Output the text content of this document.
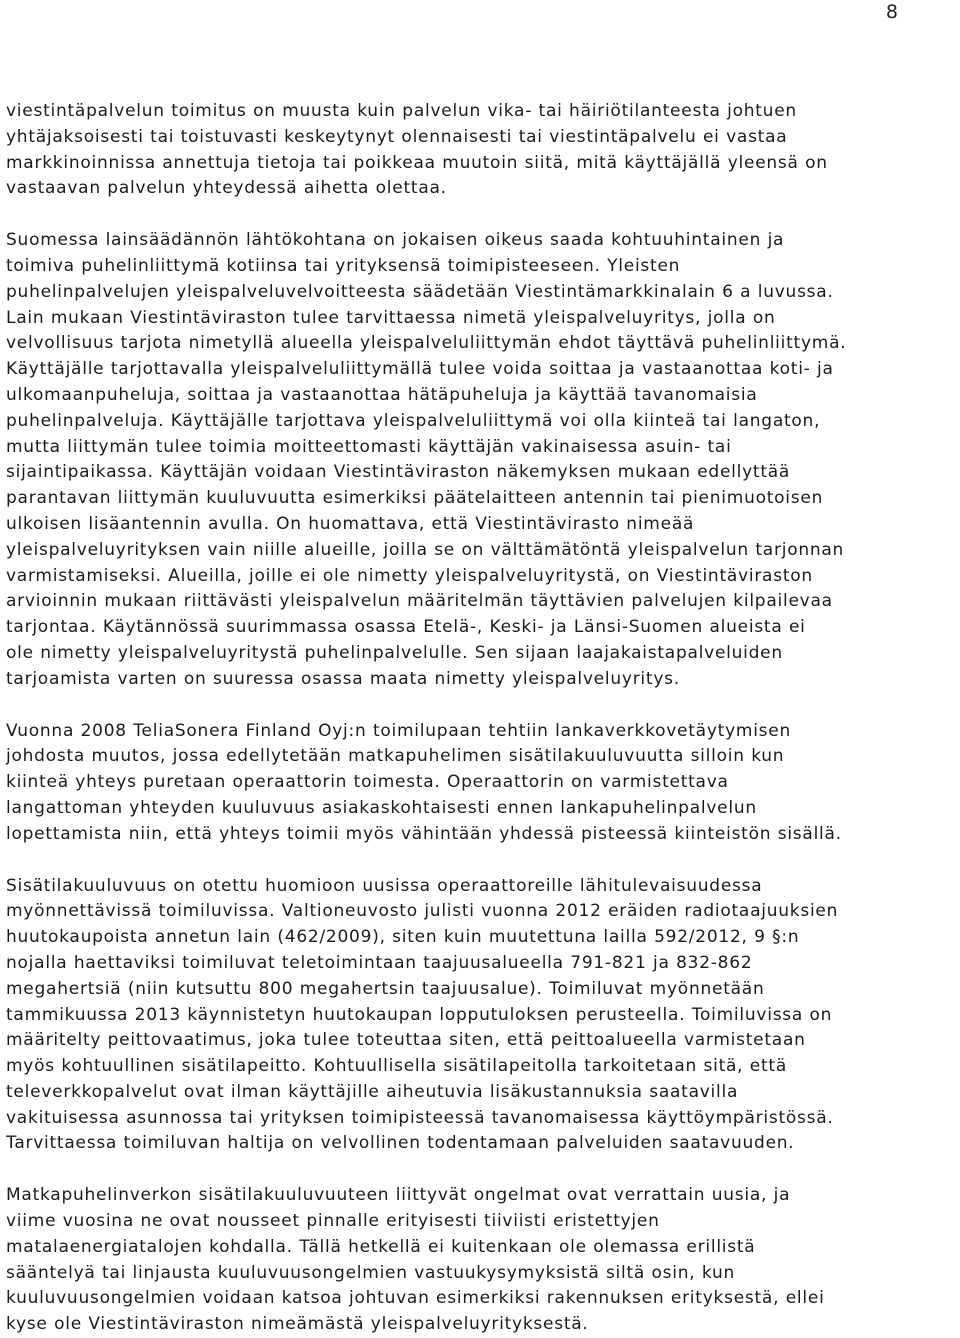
8

viestintäpalvelun toimitus on muusta kuin palvelun vika- tai häiriötilanteesta johtuen
yhtäjaksoisesti tai toistuvasti keskeytynyt olennaisesti tai viestintäpalvelu ei vastaa
markkinoinnissa annettuja tietoja tai poikkeaa muutoin siitä, mitä käyttäjällä yleensä on
vastaavan palvelun yhteydessä aihetta olettaa.

Suomessa lainsäädännön lähtökohtana on jokaisen oikeus saada kohtuuhintainen ja
toimiva puhelinliittymä kotiinsa tai yrityksensä toimipisteeseen. Yleisten
puhelinpalvelujen yleispalveluvelvoitteesta säädetään Viestintämarkkinalain 6 a luvussa.
Lain mukaan Viestintäviraston tulee tarvittaessa nimetä yleispalveluyritys, jolla on
velvollisuus tarjota nimetyllä alueella yleispalveluliittymän ehdot täyttävä puhelinliittymä.
Käyttäjälle tarjottavalla yleispalveluliittymällä tulee voida soittaa ja vastaanottaa koti- ja
ulkomaanpuheluja, soittaa ja vastaanottaa hätäpuheluja ja käyttää tavanomaisia
puhelinpalveluja. Käyttäjälle tarjottava yleispalveluliittymä voi olla kiinteä tai langaton,
mutta liittymän tulee toimia moitteettomasti käyttäjän vakinaisessa asuin- tai
sijaintipaikassa. Käyttäjän voidaan Viestintäviraston näkemyksen mukaan edellyttää
parantavan liittymän kuuluvuutta esimerkiksi päätelaitteen antennin tai pienimuotoisen
ulkoisen lisäantennin avulla. On huomattava, että Viestintävirasto nimeää
yleispalveluyrityksen vain niille alueille, joilla se on välttämätöntä yleispalvelun tarjonnan
varmistamiseksi. Alueilla, joille ei ole nimetty yleispalveluyritystä, on Viestintäviraston
arvioinnin mukaan riittävästi yleispalvelun määritelmän täyttävien palvelujen kilpailevaa
tarjontaa. Käytännössä suurimmassa osassa Etelä-, Keski- ja Länsi-Suomen alueista ei
ole nimetty yleispalveluyritystä puhelinpalvelulle. Sen sijaan laajakaistapalveluiden
tarjoamista varten on suuressa osassa maata nimetty yleispalveluyritys.

Vuonna 2008 TeliaSonera Finland Oyj:n toimilupaan tehtiin lankaverkkovetäytymisen
johdosta muutos, jossa edellytetään matkapuhelimen sisätilakuuluvuutta silloin kun
kiinteä yhteys puretaan operaattorin toimesta. Operaattorin on varmistettava
langattoman yhteyden kuuluvuus asiakaskohtaisesti ennen lankapuhelinpalvelun
lopettamista niin, että yhteys toimii myös vähintään yhdessä pisteessä kiinteistön sisällä.

Sisätilakuuluvuus on otettu huomioon uusissa operaattoreille lähitulevaisuudessa
myönnettävissä toimiluvissa. Valtioneuvosto julisti vuonna 2012 eräiden radiotaajuuksien
huutokaupoista annetun lain (462/2009), siten kuin muutettuna lailla 592/2012, 9 §:n
nojalla haettaviksi toimiluvat teletoimintaan taajuusalueella 791-821 ja 832-862
megahertsiä (niin kutsuttu 800 megahertsin taajuusalue). Toimiluvat myönnetään
tammikuussa 2013 käynnistetyn huutokaupan lopputuloksen perusteella. Toimiluvissa on
määritelty peittovaatimus, joka tulee toteuttaa siten, että peittoalueella varmistetaan
myös kohtuullinen sisätilapeitto. Kohtuullisella sisätilapeitolla tarkoitetaan sitä, että
televerkkopalvelut ovat ilman käyttäjille aiheutuvia lisäkustannuksia saatavilla
vakituisessa asunnossa tai yrityksen toimipisteessä tavanomaisessa käyttöympäristössä.
Tarvittaessa toimiluvan haltija on velvollinen todentamaan palveluiden saatavuuden.

Matkapuhelinverkon sisätilakuuluvuuteen liittyvät ongelmat ovat verrattain uusia, ja
viime vuosina ne ovat nousseet pinnalle erityisesti tiiviisti eristettyjen
matalaenergiatalojen kohdalla. Tällä hetkellä ei kuitenkaan ole olemassa erillistä
sääntelyä tai linjausta kuuluvuusongelmien vastuukysymyksistä siltä osin, kun
kuuluvuusongelmien voidaan katsoa johtuvan esimerkiksi rakennuksen erityksestä, ellei
kyse ole Viestintäviraston nimeämästä yleispalveluyrityksestä.
